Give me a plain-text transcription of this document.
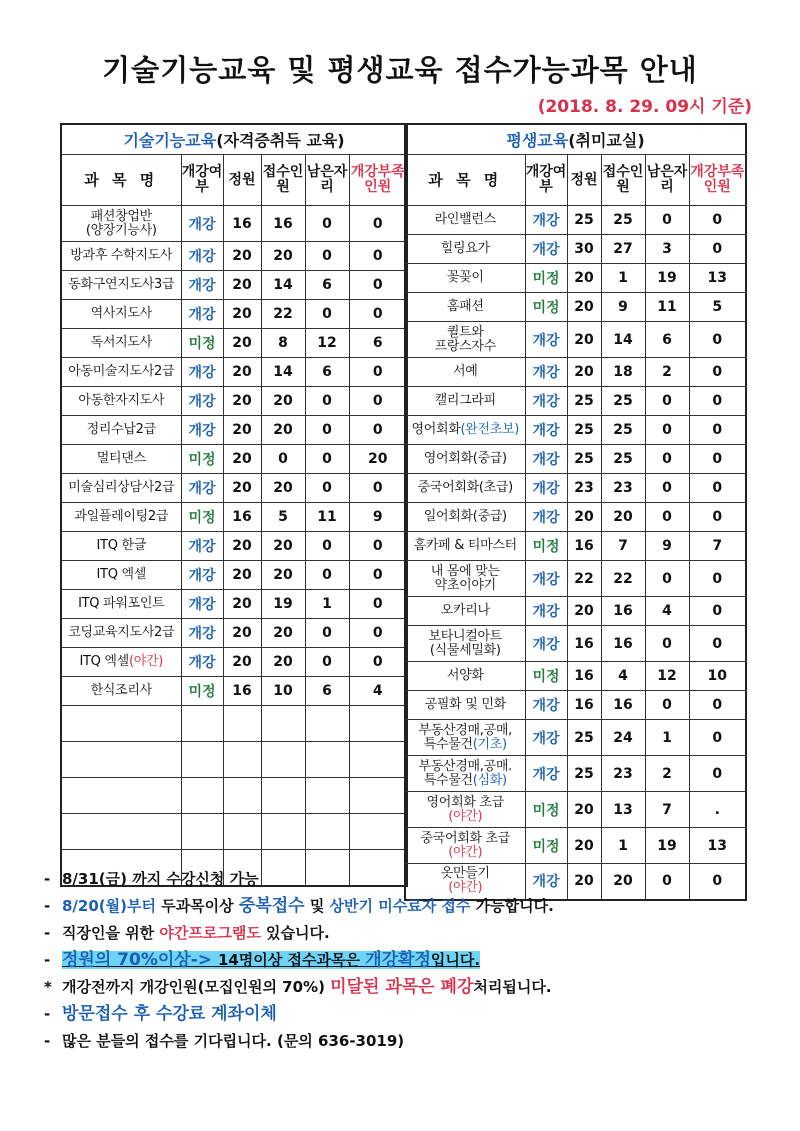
기술기능교육 및 평생교육 접수가능과목 안내
(2018. 8. 29. 09시 기준)
기술기능교육(자격증취득 교육)					
과 목 명	개강여부	정원	접수인원	남은자리	개강부족인원
패션창업반
(양장기능사)	개강	16	16	0	0
방과후 수학지도사	개강	20	20	0	0
동화구연지도사3급	개강	20	14	6	0
역사지도사	개강	20	22	0	0
독서지도사	미정	20	8	12	6
아동미술지도사2급	개강	20	14	6	0
아동한자지도사	개강	20	20	0	0
정리수납2급	개강	20	20	0	0
멀티댄스	미정	20	0	0	20
미술심리상담사2급	개강	20	20	0	0
과일플레이팅2급	미정	16	5	11	9
ITQ 한글	개강	20	20	0	0
ITQ 엑셀	개강	20	20	0	0
ITQ 파워포인트	개강	20	19	1	0
코딩교육지도사2급	개강	20	20	0	0
ITQ 엑셀(야간)	개강	20	20	0	0
한식조리사	미정	16	10	6	4

평생교육(취미교실)					
과 목 명	개강여부	정원	접수인원	남은자리	개강부족인원
라인밸런스	개강	25	25	0	0
힐링요가	개강	30	27	3	0
꽃꽂이	미정	20	1	19	13
홈패션	미정	20	9	11	5
퀼트와
프랑스자수	개강	20	14	6	0
서예	개강	20	18	2	0
캘리그라피	개강	25	25	0	0
영어회화(완전초보)	개강	25	25	0	0
영어회화(중급)	개강	25	25	0	0
중국어회화(초급)	개강	23	23	0	0
일어회화(중급)	개강	20	20	0	0
홈카페 & 티마스터	미정	16	7	9	7
내 몸에 맞는
약초이야기	개강	22	22	0	0
오카리나	개강	20	16	4	0
보타니컬아트
(식물세밀화)	개강	16	16	0	0
서양화	미정	16	4	12	10
공필화 및 민화	개강	16	16	0	0
부동산경매,공매,
특수물건(기초)	개강	25	24	1	0
부동산경매,공매.
특수물건(심화)	개강	25	23	2	0
영어회화 초급
(야간)	미정	20	13	7	.
중국어회화 초급
(야간)	미정	20	1	19	13
옷만들기
(야간)	개강	20	20	0	0
- 8/31(금) 까지 수강신청 가능
- 8/20(월)부터 두과목이상 중복접수 및 상반기 미수료자 접수 가능합니다.
- 직장인을 위한 야간프로그램도 있습니다.
- 정원의 70%이상-> 14명이상 접수과목은 개강확정입니다.
* 개강전까지 개강인원(모집인원의 70%) 미달된 과목은 폐강처리됩니다.
- 방문접수 후 수강료 계좌이체
- 많은 분들의 접수를 기다립니다. (문의 636-3019)
